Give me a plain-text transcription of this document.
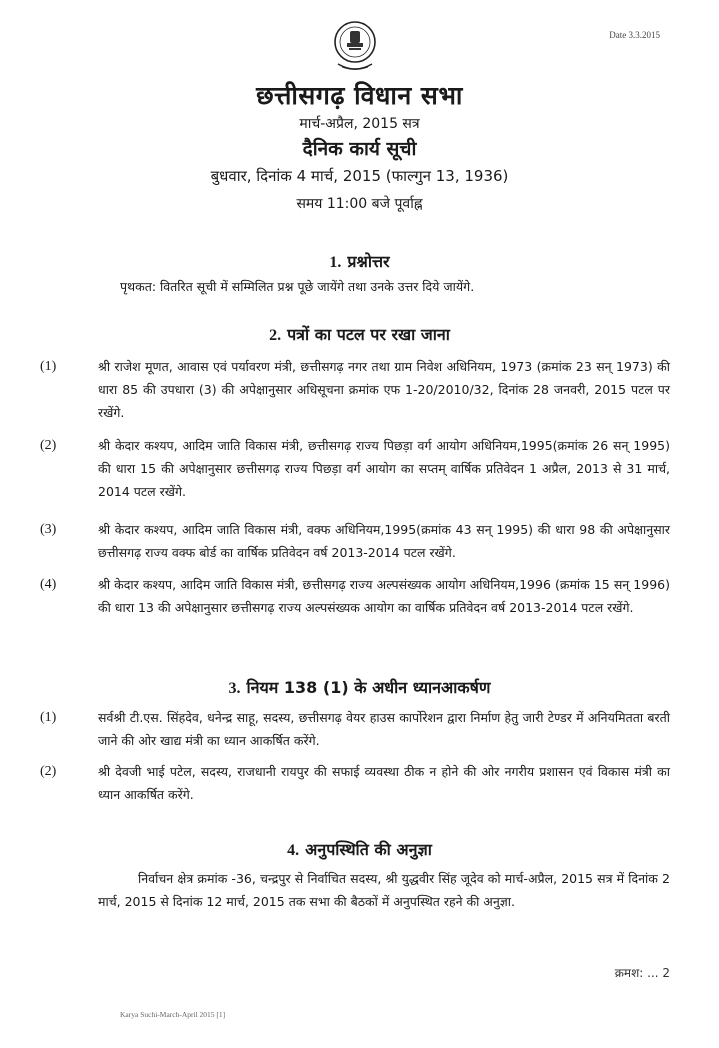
Date 3.3.2015
छत्तीसगढ़ विधान सभा
मार्च-अप्रैल, 2015 सत्र
दैनिक कार्य सूची
बुधवार, दिनांक 4 मार्च, 2015 (फाल्गुन 13, 1936)
समय 11:00 बजे पूर्वाह्न
1. प्रश्नोत्तर
पृथकत: वितरित सूची में सम्मिलित प्रश्न पूछे जायेंगे तथा उनके उत्तर दिये जायेंगे.
2. पत्रों का पटल पर रखा जाना
(1)	श्री राजेश मूणत, आवास एवं पर्यावरण मंत्री, छत्तीसगढ़ नगर तथा ग्राम निवेश अधिनियम, 1973 (क्रमांक 23 सन् 1973) की धारा 85 की उपधारा (3) की अपेक्षानुसार अधिसूचना क्रमांक एफ 1-20/2010/32, दिनांक 28 जनवरी, 2015 पटल पर रखेंगे.
(2)	श्री केदार कश्यप, आदिम जाति विकास मंत्री, छत्तीसगढ़ राज्य पिछड़ा वर्ग आयोग अधिनियम,1995(क्रमांक 26 सन् 1995) की धारा 15 की अपेक्षानुसार छत्तीसगढ़ राज्य पिछड़ा वर्ग आयोग का सप्तम् वार्षिक प्रतिवेदन 1 अप्रैल, 2013 से 31 मार्च, 2014 पटल रखेंगे.
(3)	श्री केदार कश्यप, आदिम जाति विकास मंत्री, वक्फ अधिनियम,1995(क्रमांक 43 सन् 1995) की धारा 98 की अपेक्षानुसार छत्तीसगढ़ राज्य वक्फ बोर्ड का वार्षिक प्रतिवेदन वर्ष 2013-2014 पटल रखेंगे.
(4)	श्री केदार कश्यप, आदिम जाति विकास मंत्री, छत्तीसगढ़ राज्य अल्पसंख्यक आयोग अधिनियम,1996 (क्रमांक 15 सन् 1996) की धारा 13 की अपेक्षानुसार छत्तीसगढ़ राज्य अल्पसंख्यक आयोग का वार्षिक प्रतिवेदन वर्ष 2013-2014 पटल रखेंगे.
3. नियम 138 (1) के अधीन ध्यानआकर्षण
(1)	सर्वश्री टी.एस. सिंहदेव, धनेन्द्र साहू, सदस्य, छत्तीसगढ़ वेयर हाउस कार्पोरेशन द्वारा निर्माण हेतु जारी टेण्डर में अनियमितता बरती जाने की ओर खाद्य मंत्री का ध्यान आकर्षित करेंगे.
(2)	श्री देवजी भाई पटेल, सदस्य, राजधानी रायपुर की सफाई व्यवस्था ठीक न होने की ओर नगरीय प्रशासन एवं विकास मंत्री का ध्यान आकर्षित करेंगे.
4. अनुपस्थिति की अनुज्ञा
निर्वाचन क्षेत्र क्रमांक -36, चन्द्रपुर से निर्वाचित सदस्य, श्री युद्धवीर सिंह जूदेव को मार्च-अप्रैल, 2015 सत्र में दिनांक 2 मार्च, 2015 से दिनांक 12 मार्च, 2015 तक सभा की बैठकों में अनुपस्थित रहने की अनुज्ञा.
क्रमश: ... 2
Karya Suchi-March-April 2015 [1]
